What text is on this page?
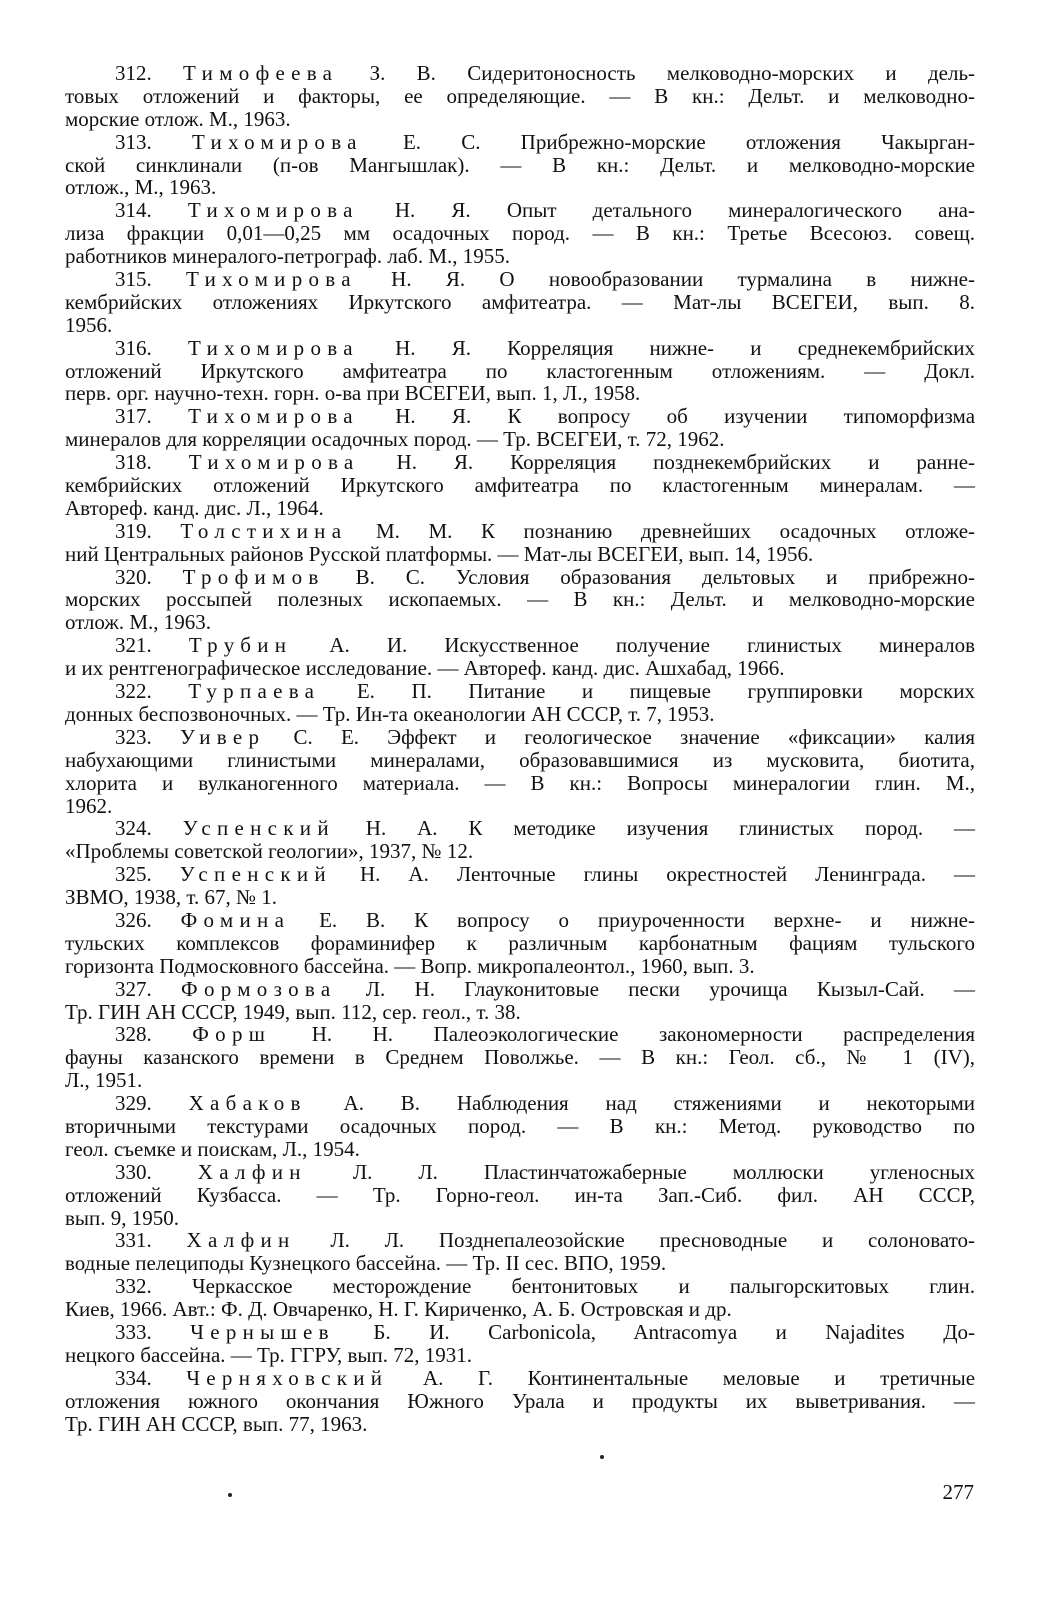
312. Тимофеева З. В. Сидеритоносность мелководно-морских и дель-
товых отложений и факторы, ее определяющие. — В кн.: Дельт. и мелководно-
морские отлож. М., 1963.
313. Тихомирова Е. С. Прибрежно-морские отложения Чакырган-
ской синклинали (п-ов Мангышлак). — В кн.: Дельт. и мелководно-морские
отлож., М., 1963.
314. Тихомирова Н. Я. Опыт детального минералогического ана-
лиза фракции 0,01—0,25 мм осадочных пород. — В кн.: Третье Всесоюз. совещ.
работников минералого-петрограф. лаб. М., 1955.
315. Тихомирова Н. Я. О новообразовании турмалина в нижне-
кембрийских отложениях Иркутского амфитеатра. — Мат-лы ВСЕГЕИ, вып. 8.
1956.
316. Тихомирова Н. Я. Корреляция нижне- и среднекембрийских
отложений Иркутского амфитеатра по кластогенным отложениям. — Докл.
перв. орг. научно-техн. горн. о-ва при ВСЕГЕИ, вып. 1, Л., 1958.
317. Тихомирова Н. Я. К вопросу об изучении типоморфизма
минералов для корреляции осадочных пород. — Тр. ВСЕГЕИ, т. 72, 1962.
318. Тихомирова Н. Я. Корреляция позднекембрийских и ранне-
кембрийских отложений Иркутского амфитеатра по кластогенным минералам. —
Автореф. канд. дис. Л., 1964.
319. Толстихина М. М. К познанию древнейших осадочных отложе-
ний Центральных районов Русской платформы. — Мат-лы ВСЕГЕИ, вып. 14, 1956.
320. Трофимов В. С. Условия образования дельтовых и прибрежно-
морских россыпей полезных ископаемых. — В кн.: Дельт. и мелководно-морские
отлож. М., 1963.
321. Трубин А. И. Искусственное получение глинистых минералов
и их рентгенографическое исследование. — Автореф. канд. дис. Ашхабад, 1966.
322. Турпаева Е. П. Питание и пищевые группировки морских
донных беспозвоночных. — Тр. Ин-та океанологии АН СССР, т. 7, 1953.
323. Уивер С. Е. Эффект и геологическое значение «фиксации» калия
набухающими глинистыми минералами, образовавшимися из мусковита, биотита,
хлорита и вулканогенного материала. — В кн.: Вопросы минералогии глин. М.,
1962.
324. Успенский Н. А. К методике изучения глинистых пород. —
«Проблемы советской геологии», 1937, № 12.
325. Успенский Н. А. Ленточные глины окрестностей Ленинграда. —
ЗВМО, 1938, т. 67, № 1.
326. Фомина Е. В. К вопросу о приуроченности верхне- и нижне-
тульских комплексов фораминифер к различным карбонатным фациям тульского
горизонта Подмосковного бассейна. — Вопр. микропалеонтол., 1960, вып. 3.
327. Формозова Л. Н. Глауконитовые пески урочища Кызыл-Сай. —
Тр. ГИН АН СССР, 1949, вып. 112, сер. геол., т. 38.
328. Форш Н. Н. Палеоэкологические закономерности распределения
фауны казанского времени в Среднем Поволжье. — В кн.: Геол. сб., № 1 (IV),
Л., 1951.
329. Хабаков А. В. Наблюдения над стяжениями и некоторыми
вторичными текстурами осадочных пород. — В кн.: Метод. руководство по
геол. съемке и поискам, Л., 1954.
330. Халфин Л. Л. Пластинчатожаберные моллюски угленосных
отложений Кузбасса. — Тр. Горно-геол. ин-та Зап.-Сиб. фил. АН СССР,
вып. 9, 1950.
331. Халфин Л. Л. Позднепалеозойские пресноводные и солоновато-
водные пелециподы Кузнецкого бассейна. — Тр. II сес. ВПО, 1959.
332. Черкасское месторождение бентонитовых и палыгорскитовых глин.
Киев, 1966. Авт.: Ф. Д. Овчаренко, Н. Г. Кириченко, А. Б. Островская и др.
333. Чернышев Б. И. Carbonicola, Antracomya и Najadites До-
нецкого бассейна. — Тр. ГГРУ, вып. 72, 1931.
334. Черняховский А. Г. Континентальные меловые и третичные
отложения южного окончания Южного Урала и продукты их выветривания. —
Тр. ГИН АН СССР, вып. 77, 1963.
277
